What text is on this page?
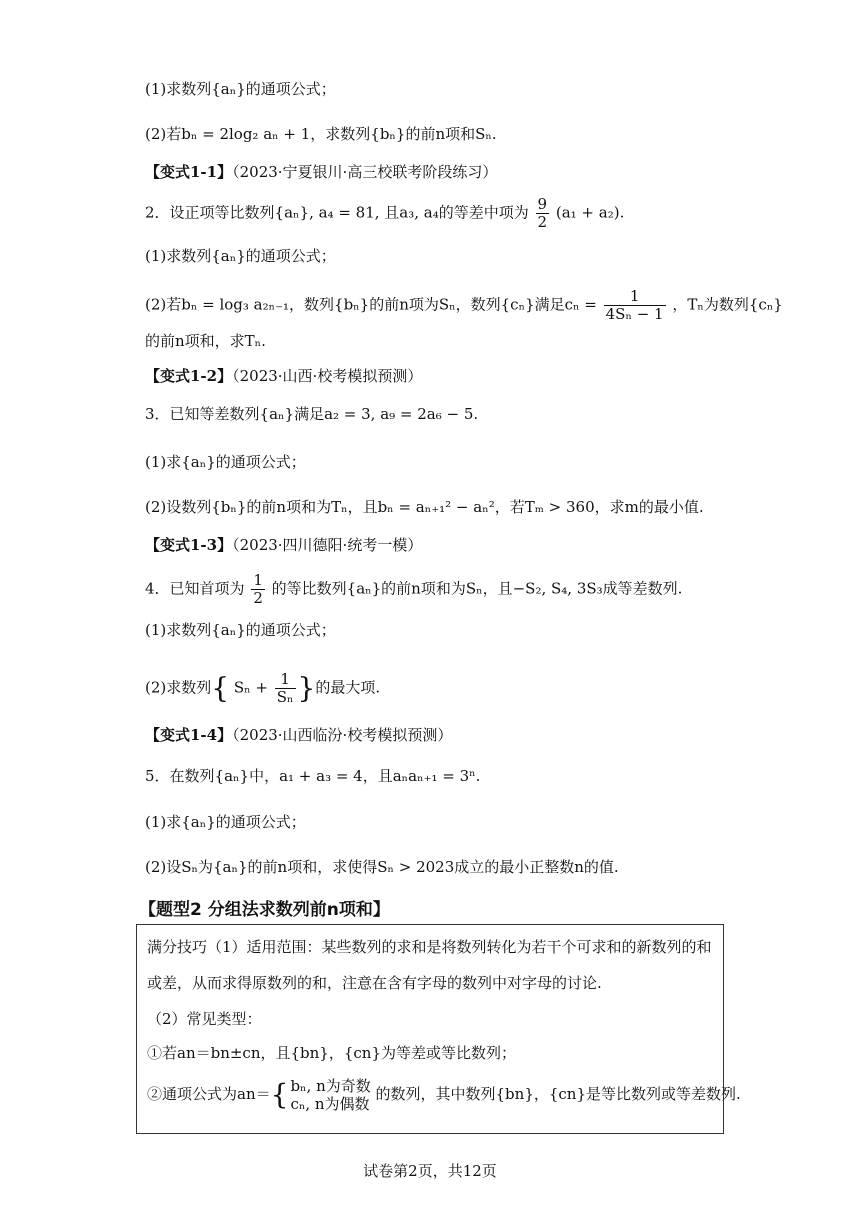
(1)求数列{aₙ}的通项公式；
(2)若bₙ = 2log₂ aₙ + 1，求数列{bₙ}的前n项和Sₙ.
【变式1-1】（2023·宁夏银川·高三校联考阶段练习）
2．设正项等比数列{aₙ}, a₄ = 81, 且a₃, a₄的等差中项为 $\frac{9}{2} (a_1 + a_2)$.
(1)求数列{aₙ}的通项公式；
(2)若bₙ = log₃ a₂ₙ₋₁，数列{bₙ}的前n项为Sₙ，数列{cₙ}满足$c_n = \frac{1}{\text{4Sₙ − 1}}$ ，Tₙ为数列{cₙ}
的前n项和，求Tₙ.
【变式1-2】（2023·山西·校考模拟预测）
3．已知等差数列{aₙ}满足a₂ = 3, a₉ = 2a₆ − 5.
(1)求{aₙ}的通项公式；
(2)设数列{bₙ}的前n项和为Tₙ，且bₙ = aₙ₊₁² − aₙ²，若Tₘ > 360，求m的最小值.
【变式1-3】（2023·四川德阳·统考一模）
4．已知首项为 $\frac{1}{2}$ 的等比数列{aₙ}的前n项和为Sₙ，且−S₂, S₄, 3S₃成等差数列.
(1)求数列{aₙ}的通项公式；
(2)求数列{ $S_n + \frac{1}{\text{Sₙ}}$ }的最大项.
【变式1-4】（2023·山西临汾·校考模拟预测）
5．在数列{aₙ}中，a₁ + a₃ = 4，且aₙaₙ₊₁ = 3ⁿ.
(1)求{aₙ}的通项公式；
(2)设Sₙ为{aₙ}的前n项和，求使得Sₙ > 2023成立的最小正整数n的值.
【题型2 分组法求数列前n项和】
满分技巧（1）适用范围：某些数列的求和是将数列转化为若干个可求和的新数列的和
或差，从而求得原数列的和，注意在含有字母的数列中对字母的讨论.
（2）常见类型：
①若an＝bn±cn，且{bn}，{cn}为等差或等比数列；
②通项公式为an＝{ bₙ, n为奇数
cₙ, n为偶数
的数列，其中数列{bn}，{cn}是等比数列或等差数列.
试卷第2页，共12页
